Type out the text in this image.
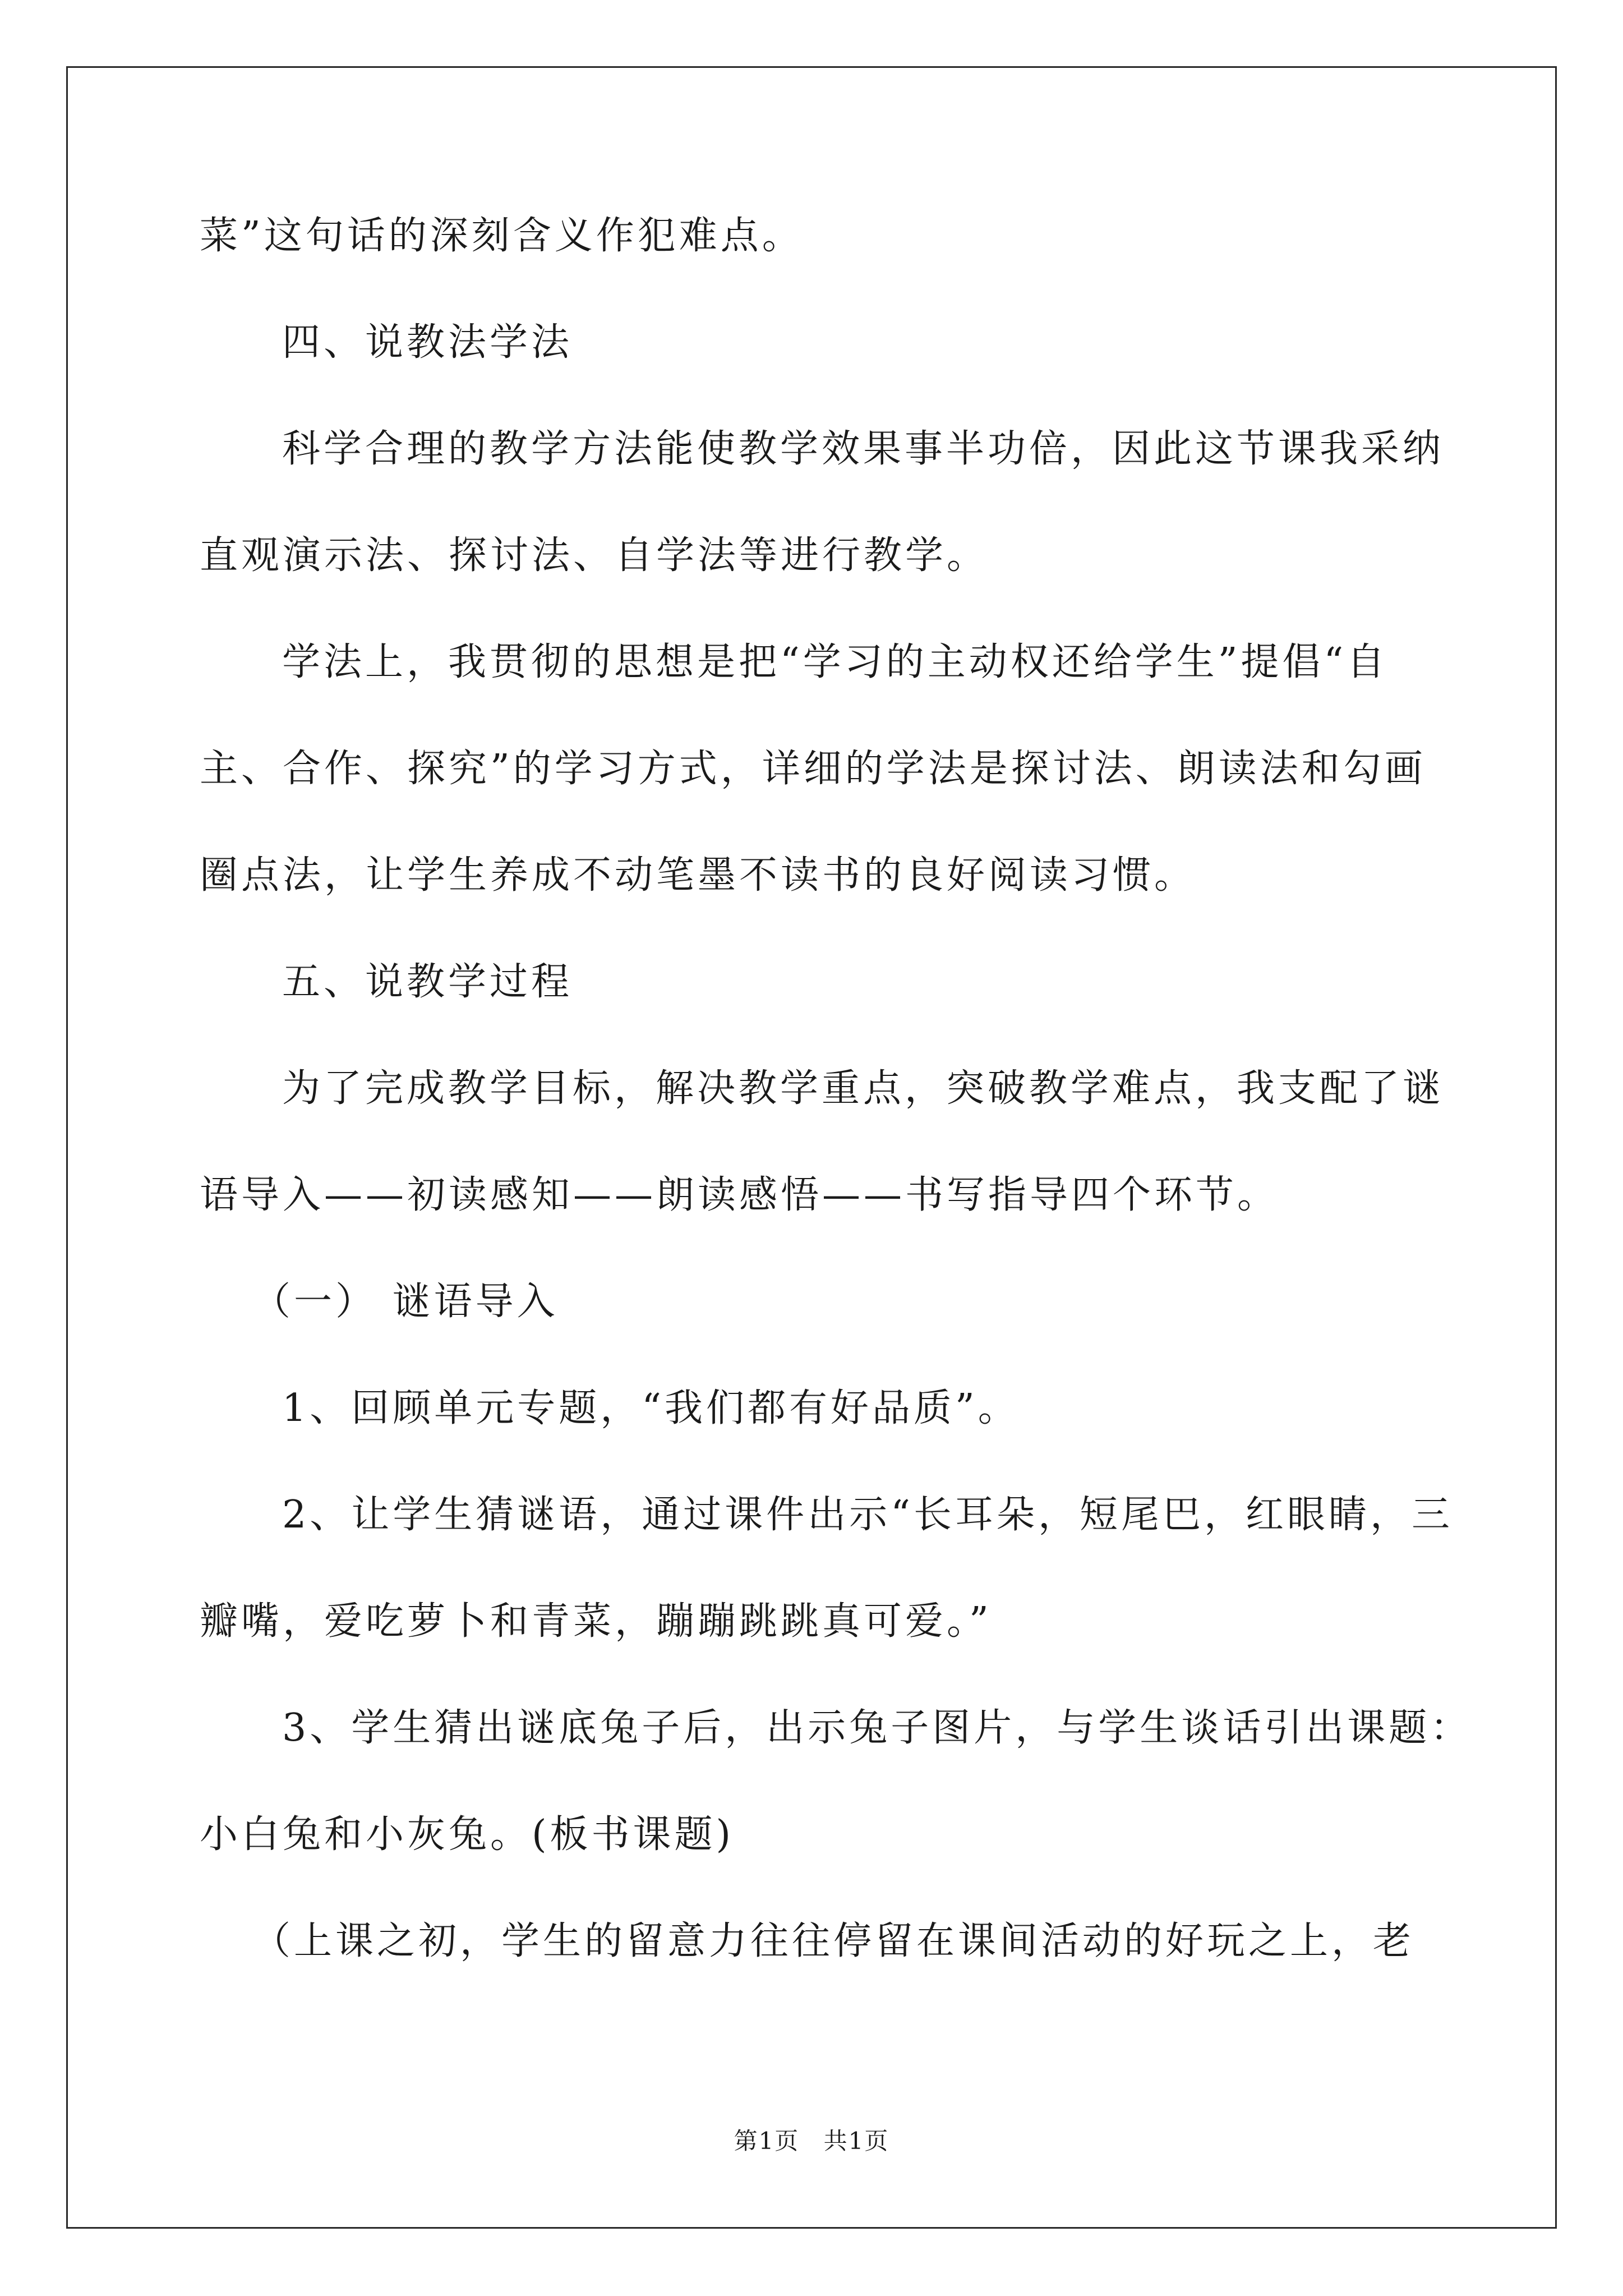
菜”这句话的深刻含义作犯难点。
四、说教法学法
科学合理的教学方法能使教学效果事半功倍，因此这节课我采纳
直观演示法、探讨法、自学法等进行教学。
学法上，我贯彻的思想是把“学习的主动权还给学生”提倡“自
主、合作、探究”的学习方式，详细的学法是探讨法、朗读法和勾画
圈点法，让学生养成不动笔墨不读书的良好阅读习惯。
五、说教学过程
为了完成教学目标，解决教学重点，突破教学难点，我支配了谜
语导入——初读感知——朗读感悟——书写指导四个环节。
（一） 谜语导入
1、回顾单元专题，“我们都有好品质”。
2、让学生猜谜语，通过课件出示“长耳朵，短尾巴，红眼睛，三
瓣嘴，爱吃萝卜和青菜，蹦蹦跳跳真可爱。”
3、学生猜出谜底兔子后，出示兔子图片，与学生谈话引出课题：
小白兔和小灰兔。(板书课题)
（上课之初，学生的留意力往往停留在课间活动的好玩之上，老
第1页 共1页
